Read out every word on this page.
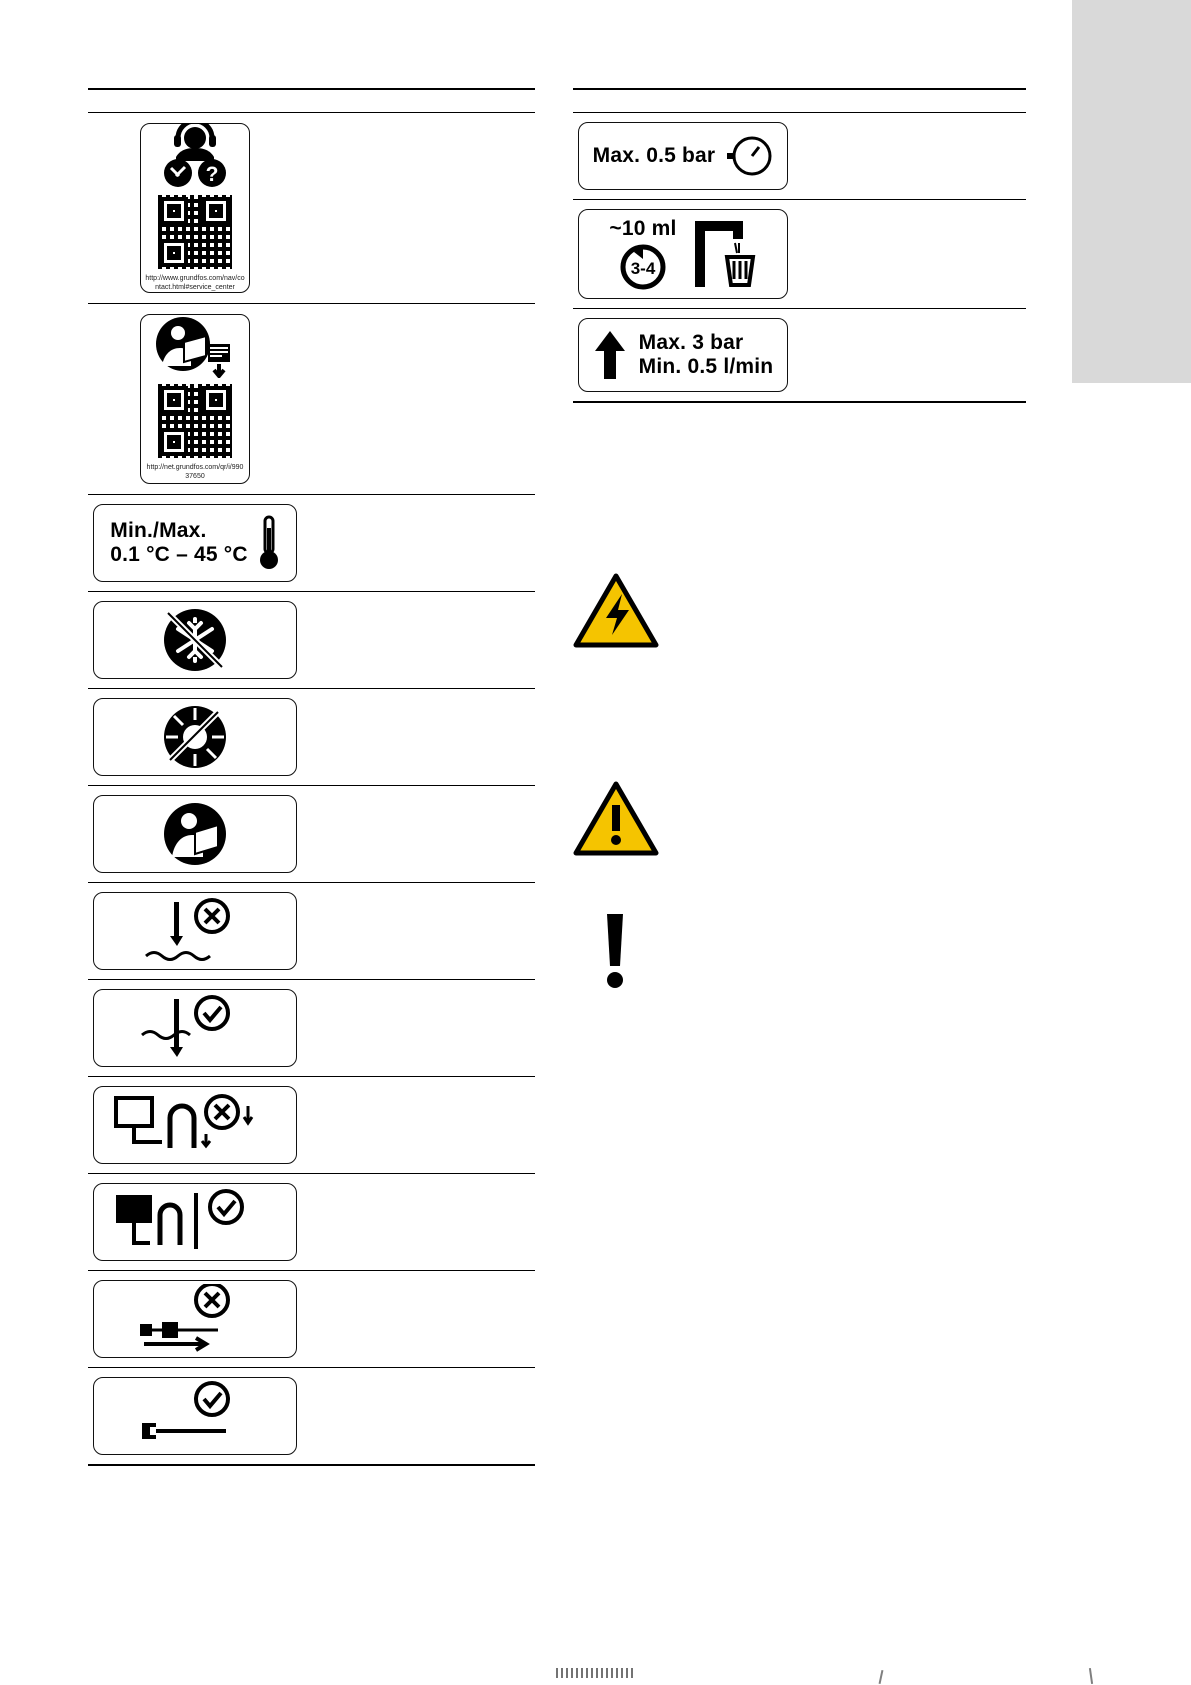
?
http://www.grundfos.com/nav/contact.html#service_center
http://net.grundfos.com/qr/i/99037650
Min./Max.
0.1 °C – 45 °C
Max. 0.5 bar
~10 ml
3-4
Max. 3 bar
Min. 0.5 l/min
